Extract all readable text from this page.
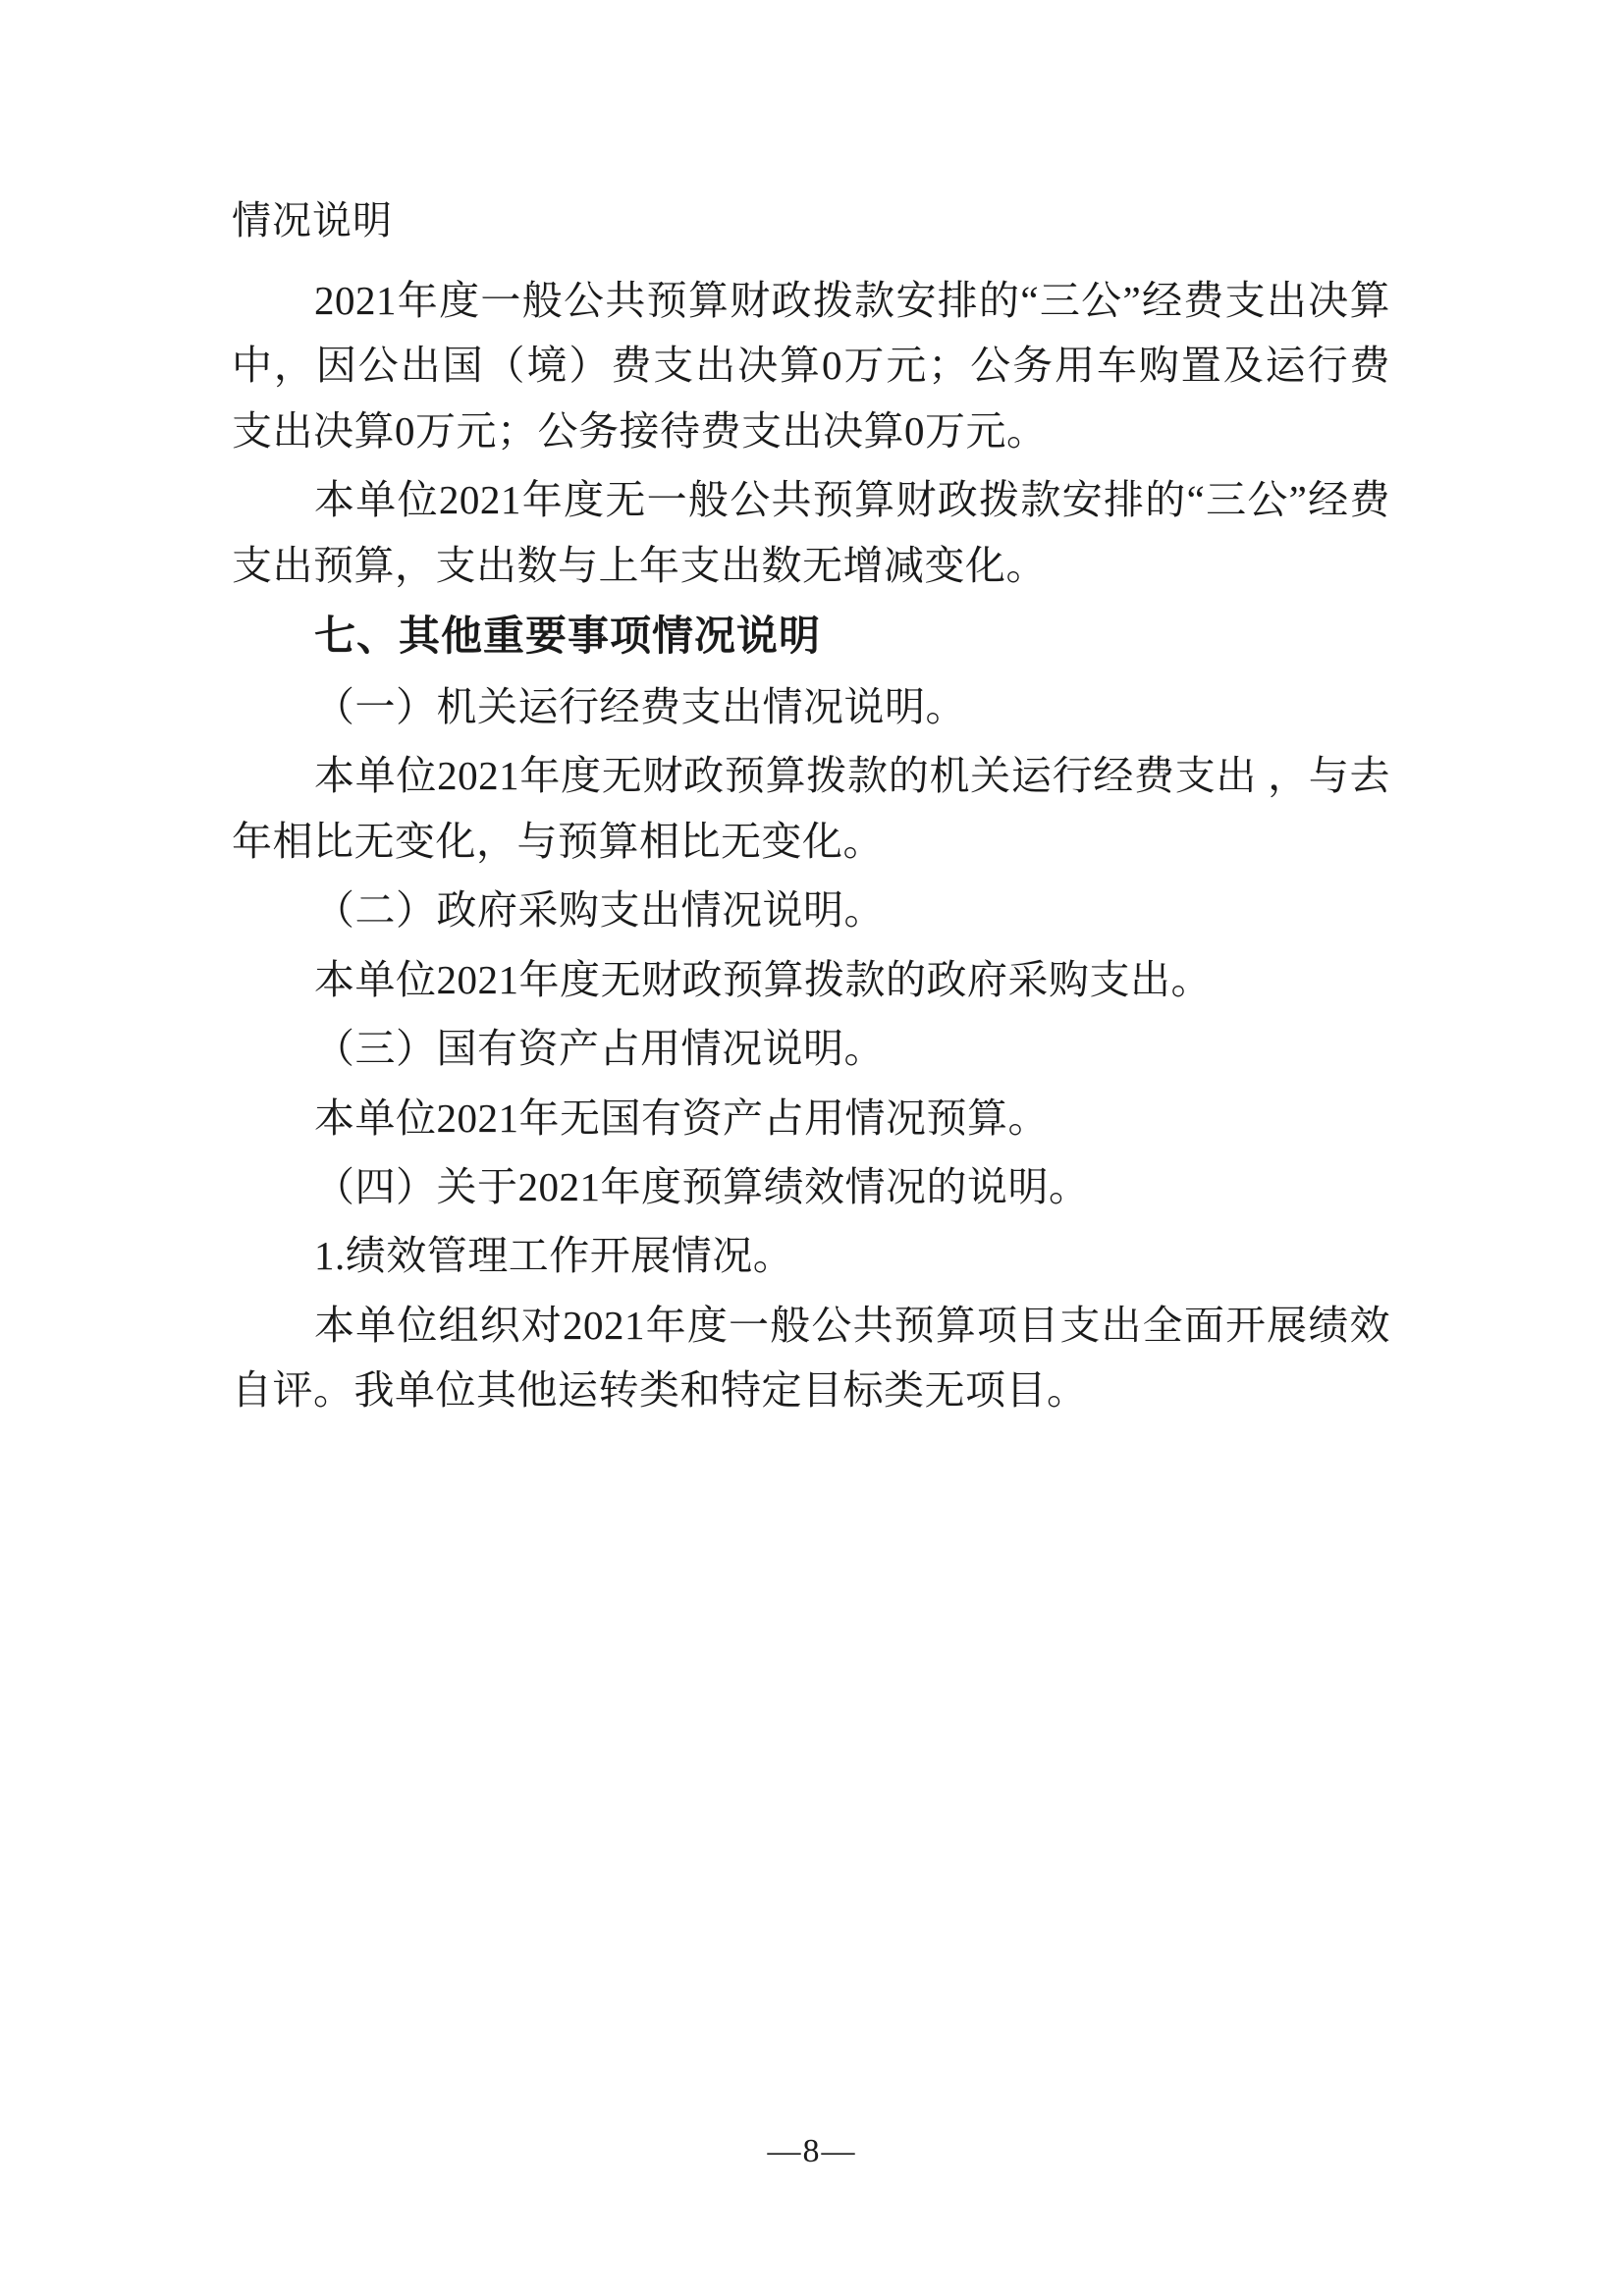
情况说明

2021年度一般公共预算财政拨款安排的“三公”经费支出决算中，因公出国（境）费支出决算0万元；公务用车购置及运行费支出决算0万元；公务接待费支出决算0万元。

本单位2021年度无一般公共预算财政拨款安排的“三公”经费支出预算，支出数与上年支出数无增减变化。

七、其他重要事项情况说明

（一）机关运行经费支出情况说明。

本单位2021年度无财政预算拨款的机关运行经费支出 ，与去年相比无变化，与预算相比无变化。

（二）政府采购支出情况说明。

本单位2021年度无财政预算拨款的政府采购支出。

（三）国有资产占用情况说明。

本单位2021年无国有资产占用情况预算。

（四）关于2021年度预算绩效情况的说明。

1.绩效管理工作开展情况。

本单位组织对2021年度一般公共预算项目支出全面开展绩效自评。我单位其他运转类和特定目标类无项目。

—8—
